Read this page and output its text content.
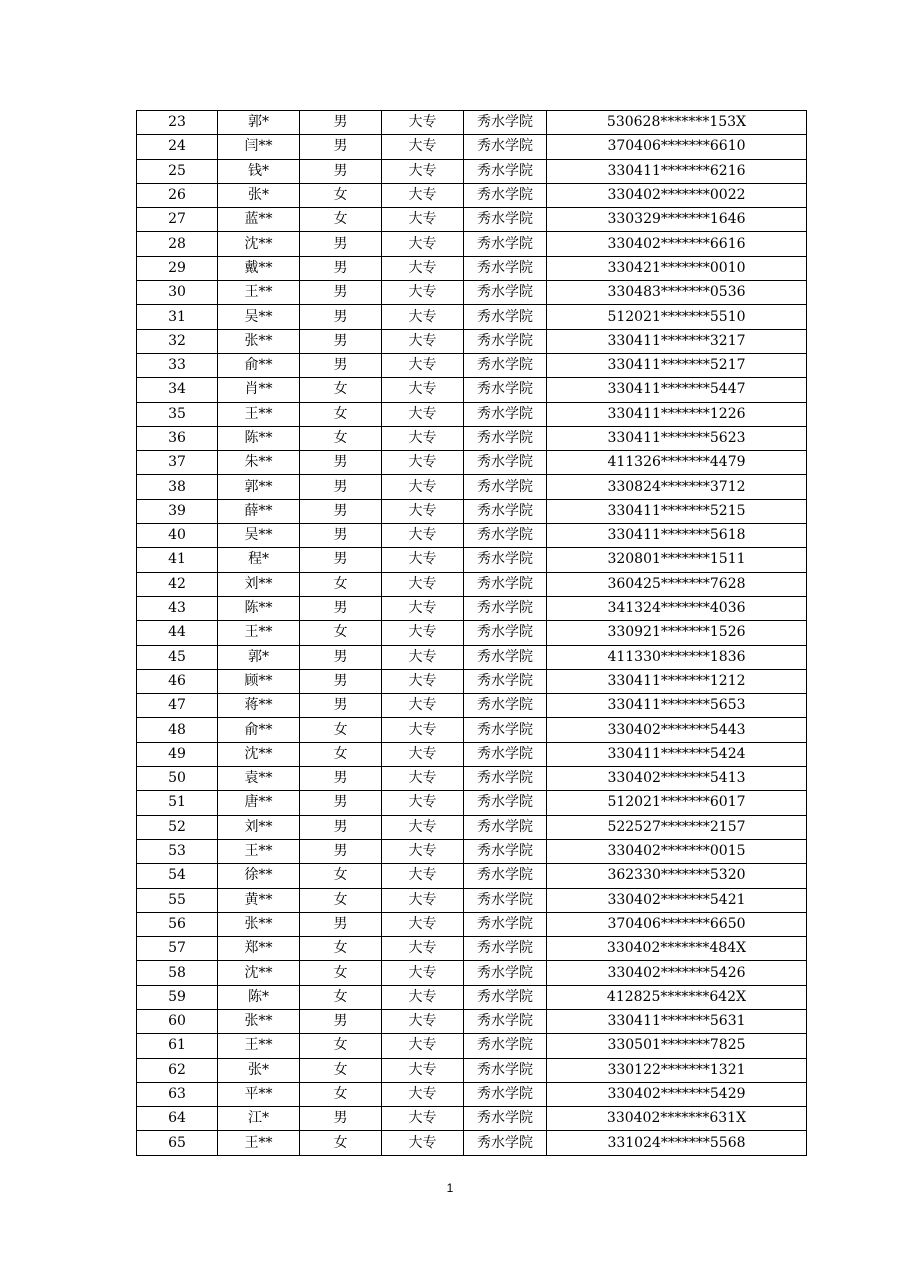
23	郭*	男	大专	秀水学院	530628*******153X
24	闫**	男	大专	秀水学院	370406*******6610
25	钱*	男	大专	秀水学院	330411*******6216
26	张*	女	大专	秀水学院	330402*******0022
27	蓝**	女	大专	秀水学院	330329*******1646
28	沈**	男	大专	秀水学院	330402*******6616
29	戴**	男	大专	秀水学院	330421*******0010
30	王**	男	大专	秀水学院	330483*******0536
31	吴**	男	大专	秀水学院	512021*******5510
32	张**	男	大专	秀水学院	330411*******3217
33	俞**	男	大专	秀水学院	330411*******5217
34	肖**	女	大专	秀水学院	330411*******5447
35	王**	女	大专	秀水学院	330411*******1226
36	陈**	女	大专	秀水学院	330411*******5623
37	朱**	男	大专	秀水学院	411326*******4479
38	郭**	男	大专	秀水学院	330824*******3712
39	薛**	男	大专	秀水学院	330411*******5215
40	吴**	男	大专	秀水学院	330411*******5618
41	程*	男	大专	秀水学院	320801*******1511
42	刘**	女	大专	秀水学院	360425*******7628
43	陈**	男	大专	秀水学院	341324*******4036
44	王**	女	大专	秀水学院	330921*******1526
45	郭*	男	大专	秀水学院	411330*******1836
46	顾**	男	大专	秀水学院	330411*******1212
47	蒋**	男	大专	秀水学院	330411*******5653
48	俞**	女	大专	秀水学院	330402*******5443
49	沈**	女	大专	秀水学院	330411*******5424
50	袁**	男	大专	秀水学院	330402*******5413
51	唐**	男	大专	秀水学院	512021*******6017
52	刘**	男	大专	秀水学院	522527*******2157
53	王**	男	大专	秀水学院	330402*******0015
54	徐**	女	大专	秀水学院	362330*******5320
55	黄**	女	大专	秀水学院	330402*******5421
56	张**	男	大专	秀水学院	370406*******6650
57	郑**	女	大专	秀水学院	330402*******484X
58	沈**	女	大专	秀水学院	330402*******5426
59	陈*	女	大专	秀水学院	412825*******642X
60	张**	男	大专	秀水学院	330411*******5631
61	王**	女	大专	秀水学院	330501*******7825
62	张*	女	大专	秀水学院	330122*******1321
63	平**	女	大专	秀水学院	330402*******5429
64	江*	男	大专	秀水学院	330402*******631X
65	王**	女	大专	秀水学院	331024*******5568
1
